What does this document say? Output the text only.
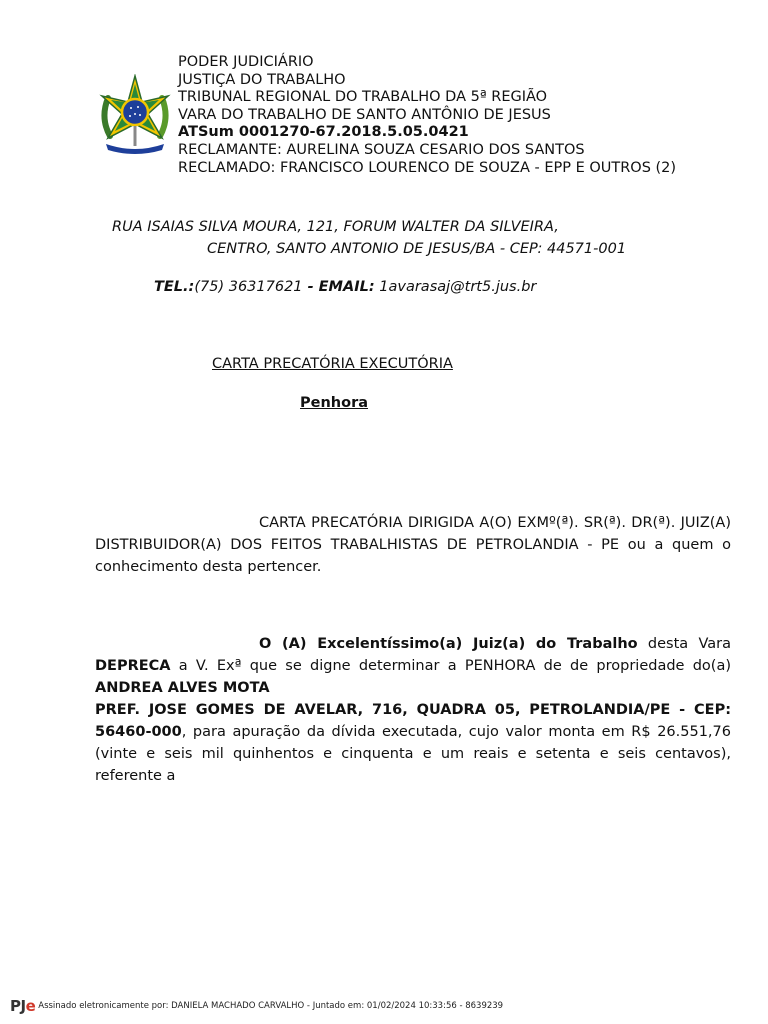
PODER JUDICIÁRIO
JUSTIÇA DO TRABALHO
TRIBUNAL REGIONAL DO TRABALHO DA 5ª REGIÃO
VARA DO TRABALHO DE SANTO ANTÔNIO DE JESUS
ATSum 0001270-67.2018.5.05.0421
RECLAMANTE: AURELINA SOUZA CESARIO DOS SANTOS
RECLAMADO: FRANCISCO LOURENCO DE SOUZA - EPP E OUTROS (2)
RUA ISAIAS SILVA MOURA, 121, FORUM WALTER DA SILVEIRA,
CENTRO, SANTO ANTONIO DE JESUS/BA - CEP: 44571-001
TEL.:(75) 36317621 - EMAIL: 1avarasaj@trt5.jus.br
CARTA PRECATÓRIA EXECUTÓRIA
Penhora
CARTA PRECATÓRIA DIRIGIDA A(O) EXMº(ª). SR(ª). DR(ª). JUIZ(A) DISTRIBUIDOR(A) DOS FEITOS TRABALHISTAS DE PETROLANDIA - PE ou a quem o conhecimento desta pertencer.
O (A) Excelentíssimo(a) Juiz(a) do Trabalho desta Vara DEPRECA a V. Exª que se digne determinar a PENHORA de de propriedade do(a) ANDREA ALVES MOTA
PREF. JOSE GOMES DE AVELAR, 716, QUADRA 05, PETROLANDIA/PE - CEP: 56460-000, para apuração da dívida executada, cujo valor monta em R$ 26.551,76 (vinte e seis mil quinhentos e cinquenta e um reais e setenta e seis centavos), referente a
PJe Assinado eletronicamente por: DANIELA MACHADO CARVALHO - Juntado em: 01/02/2024 10:33:56 - 8639239
